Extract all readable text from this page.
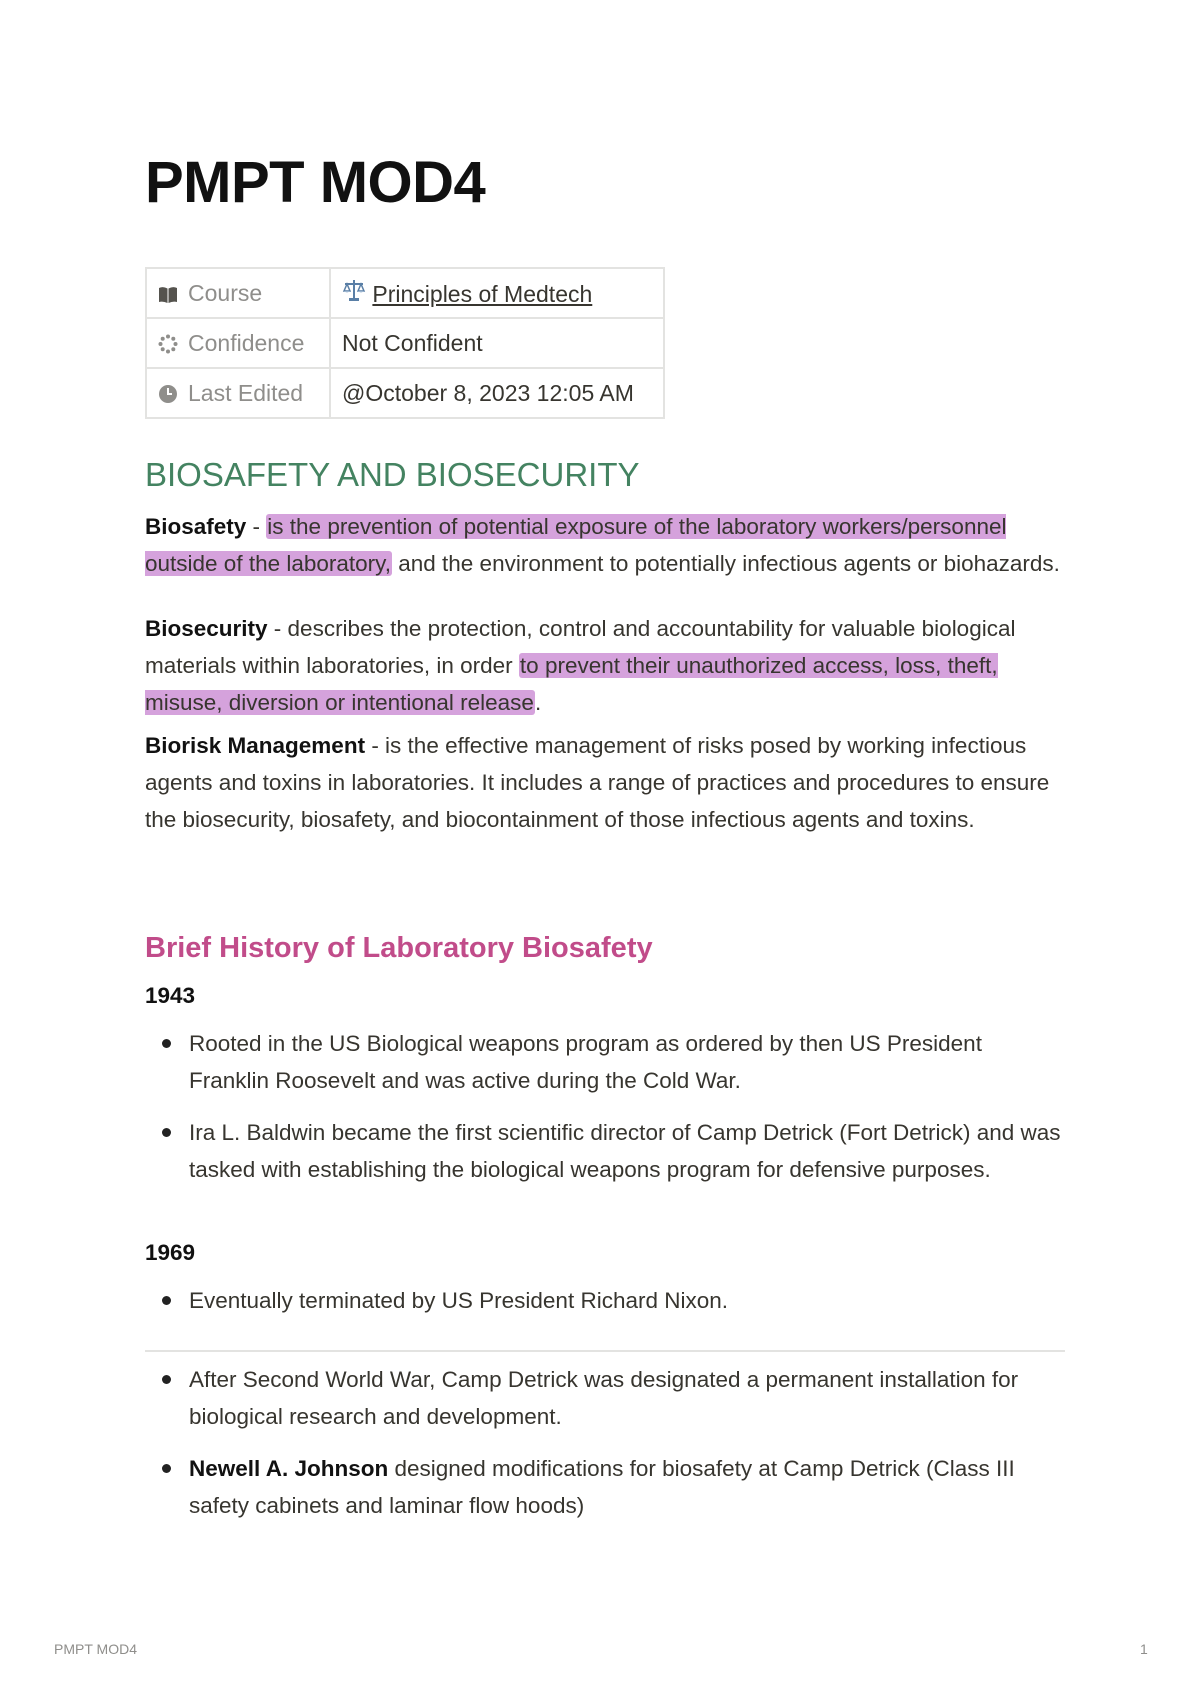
PMPT MOD4
Course	Principles of Medtech
Confidence	Not Confident
Last Edited	@October 8, 2023 12:05 AM
BIOSAFETY AND BIOSECURITY

Biosafety - is the prevention of potential exposure of the laboratory workers/personnel outside of the laboratory, and the environment to potentially infectious agents or biohazards.

Biosecurity - describes the protection, control and accountability for valuable biological materials within laboratories, in order to prevent their unauthorized access, loss, theft, misuse, diversion or intentional release.

Biorisk Management - is the effective management of risks posed by working infectious agents and toxins in laboratories. It includes a range of practices and procedures to ensure the biosecurity, biosafety, and biocontainment of those infectious agents and toxins.

Brief History of Laboratory Biosafety
1943
Rooted in the US Biological weapons program as ordered by then US President Franklin Roosevelt and was active during the Cold War.
Ira L. Baldwin became the first scientific director of Camp Detrick (Fort Detrick) and was tasked with establishing the biological weapons program for defensive purposes.
1969
Eventually terminated by US President Richard Nixon.
After Second World War, Camp Detrick was designated a permanent installation for biological research and development.
Newell A. Johnson designed modifications for biosafety at Camp Detrick (Class III safety cabinets and laminar flow hoods)
PMPT MOD4	1
